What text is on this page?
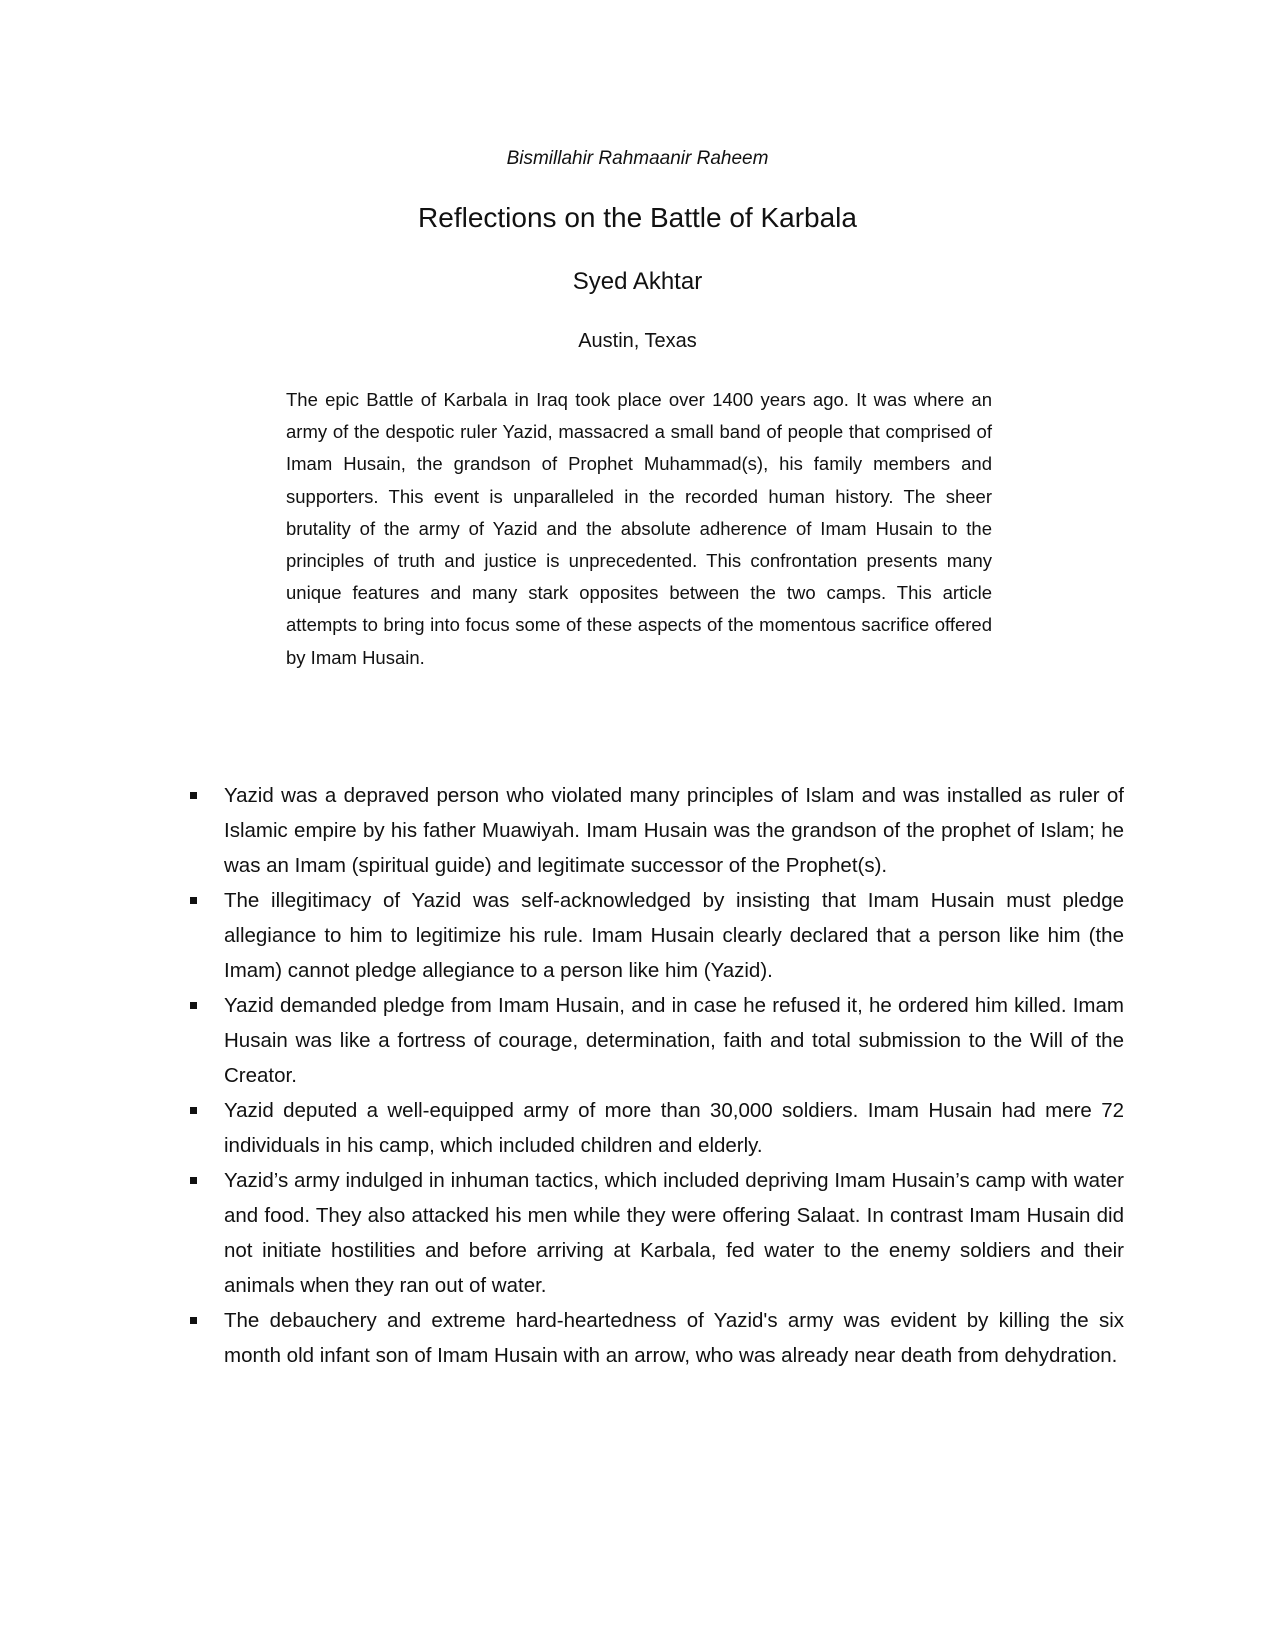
Bismillahir Rahmaanir Raheem
Reflections on the Battle of Karbala
Syed Akhtar
Austin, Texas
The epic Battle of Karbala in Iraq took place over 1400 years ago. It was where an army of the despotic ruler Yazid, massacred a small band of people that comprised of Imam Husain, the grandson of Prophet Muhammad(s), his family members and supporters. This event is unparalleled in the recorded human history. The sheer brutality of the army of Yazid and the absolute adherence of Imam Husain to the principles of truth and justice is unprecedented. This confrontation presents many unique features and many stark opposites between the two camps. This article attempts to bring into focus some of these aspects of the momentous sacrifice offered by Imam Husain.
Yazid was a depraved person who violated many principles of Islam and was installed as ruler of Islamic empire by his father Muawiyah. Imam Husain was the grandson of the prophet of Islam; he was an Imam (spiritual guide) and legitimate successor of the Prophet(s).
The illegitimacy of Yazid was self-acknowledged by insisting that Imam Husain must pledge allegiance to him to legitimize his rule. Imam Husain clearly declared that a person like him (the Imam) cannot pledge allegiance to a person like him (Yazid).
Yazid demanded pledge from Imam Husain, and in case he refused it, he ordered him killed. Imam Husain was like a fortress of courage, determination, faith and total submission to the Will of the Creator.
Yazid deputed a well-equipped army of more than 30,000 soldiers. Imam Husain had mere 72 individuals in his camp, which included children and elderly.
Yazid’s army indulged in inhuman tactics, which included depriving Imam Husain’s camp with water and food. They also attacked his men while they were offering Salaat. In contrast Imam Husain did not initiate hostilities and before arriving at Karbala, fed water to the enemy soldiers and their animals when they ran out of water.
The debauchery and extreme hard-heartedness of Yazid's army was evident by killing the six month old infant son of Imam Husain with an arrow, who was already near death from dehydration.
